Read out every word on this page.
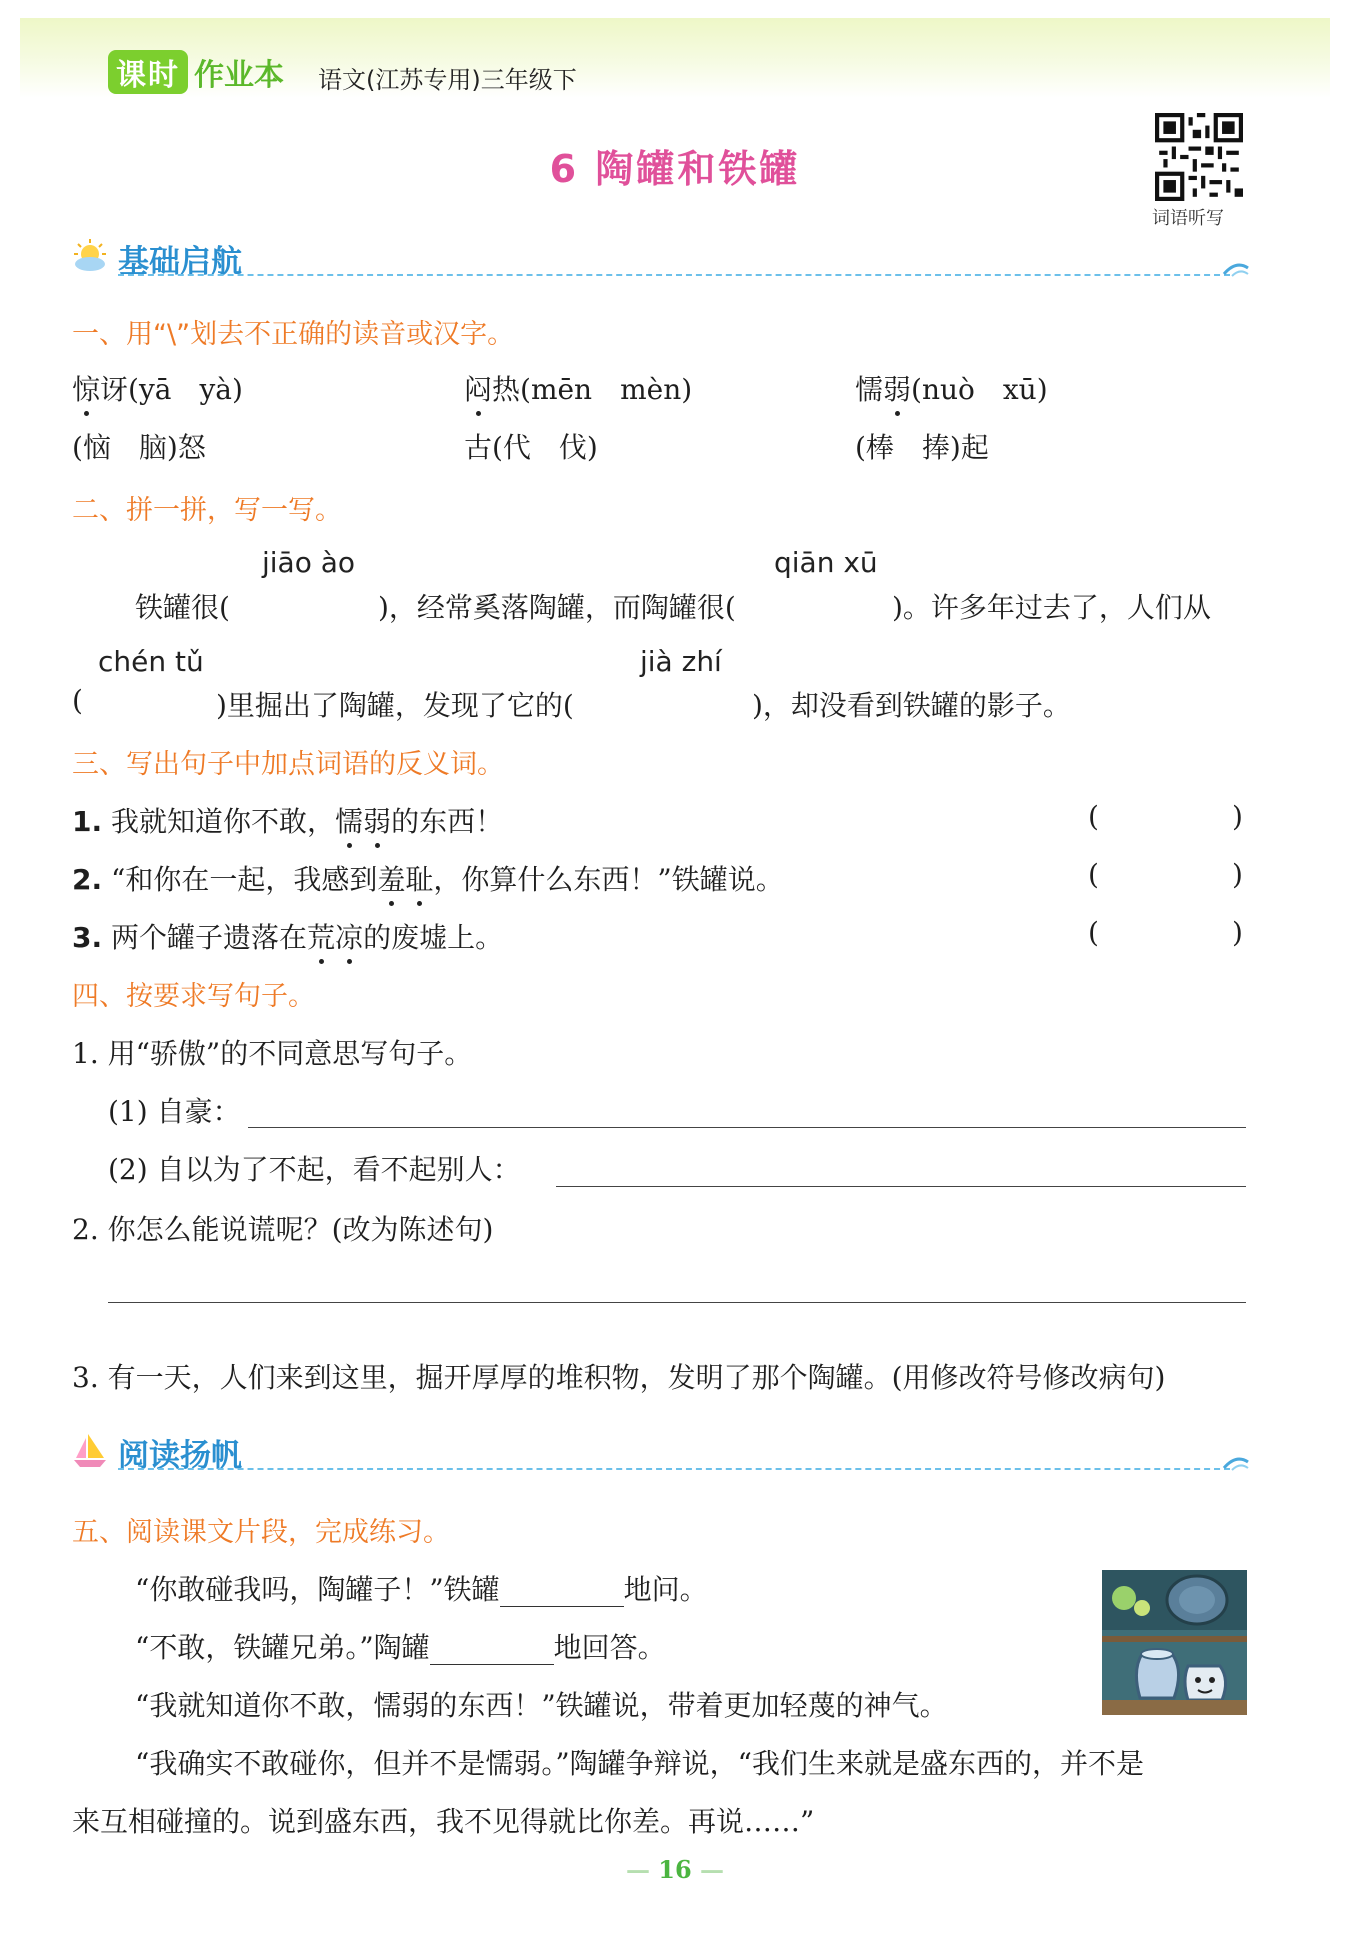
课时 作业本 语文(江苏专用)三年级下
6 陶罐和铁罐
词语听写
基础启航
一、用“\”划去不正确的读音或汉字。
惊讶(yā　yà)	闷热(mēn　mèn)	懦弱(nuò　xū)
(恼　脑)怒	古(代　伐)	(棒　捧)起
二、拼一拼，写一写。
jiāo ào	qiān xū
铁罐很(	)，经常奚落陶罐，而陶罐很(	)。许多年过去了，人们从
chén tǔ	jià zhí
(	)里掘出了陶罐，发现了它的(	)，却没看到铁罐的影子。
三、写出句子中加点词语的反义词。
1. 我就知道你不敢，懦弱的东西！	(	)
2. “和你在一起，我感到羞耻，你算什么东西！”铁罐说。	(	)
3. 两个罐子遗落在荒凉的废墟上。	(	)
四、按要求写句子。
1. 用“骄傲”的不同意思写句子。
(1) 自豪：
(2) 自以为了不起，看不起别人：
2. 你怎么能说谎呢？(改为陈述句)
3. 有一天，人们来到这里，掘开厚厚的堆积物，发明了那个陶罐。(用修改符号修改病句)
阅读扬帆
五、阅读课文片段，完成练习。
“你敢碰我吗，陶罐子！”铁罐	地问。
“不敢，铁罐兄弟。”陶罐	地回答。
“我就知道你不敢，懦弱的东西！”铁罐说，带着更加轻蔑的神气。
“我确实不敢碰你，但并不是懦弱。”陶罐争辩说，“我们生来就是盛东西的，并不是
来互相碰撞的。说到盛东西，我不见得就比你差。再说……”
— 16 —
